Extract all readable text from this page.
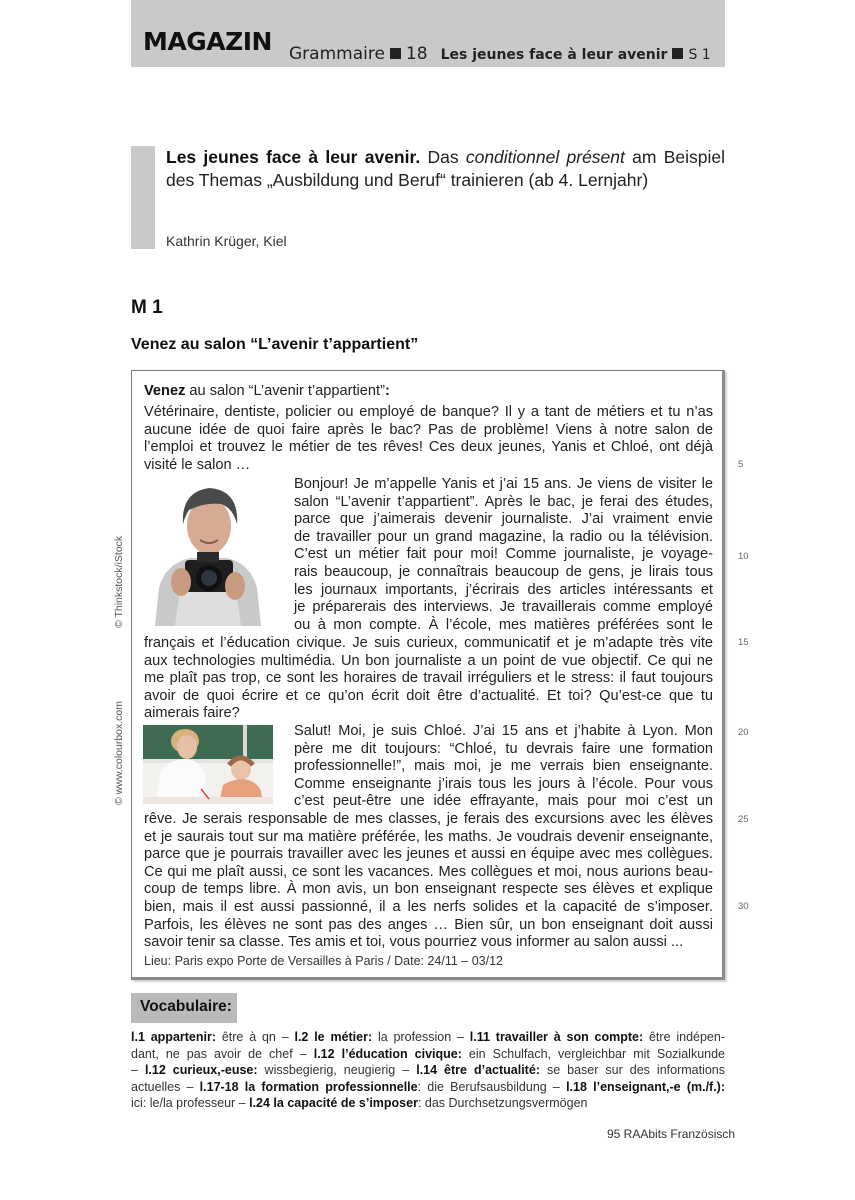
MAGAZIN Grammaire 18 Les jeunes face à leur avenir S 1
Les jeunes face à leur avenir. Das conditionnel présent am Beispiel des Themas „Ausbildung und Beruf“ trainieren (ab 4. Lernjahr)
Kathrin Krüger, Kiel
M 1
Venez au salon “L’avenir t’appartient”
Venez au salon “L’avenir t’appartient”:
Vétérinaire, dentiste, policier ou employé de banque? Il y a tant de métiers et tu n’as
aucune idée de quoi faire après le bac? Pas de problème! Viens à notre salon de
l’emploi et trouvez le métier de tes rêves! Ces deux jeunes, Yanis et Chloé, ont déjà
visité le salon …
Bonjour! Je m’appelle Yanis et j’ai 15 ans. Je viens de visiter le
salon “L’avenir t’appartient”. Après le bac, je ferai des études,
parce que j’aimerais devenir journaliste. J’ai vraiment envie
de travailler pour un grand magazine, la radio ou la télévision.
C’est un métier fait pour moi! Comme journaliste, je voyage-
rais beaucoup, je connaîtrais beaucoup de gens, je lirais tous
les journaux importants, j’écrirais des articles intéressants et
je préparerais des interviews. Je travaillerais comme employé
ou à mon compte. À l’école, mes matières préférées sont le
français et l’éducation civique. Je suis curieux, communicatif et je m’adapte très vite
aux technologies multimédia. Un bon journaliste a un point de vue objectif. Ce qui ne
me plaît pas trop, ce sont les horaires de travail irréguliers et le stress: il faut toujours
avoir de quoi écrire et ce qu’on écrit doit être d’actualité. Et toi? Qu’est-ce que tu
aimerais faire?
Salut! Moi, je suis Chloé. J’ai 15 ans et j’habite à Lyon. Mon
père me dit toujours: “Chloé, tu devrais faire une formation
professionnelle!”, mais moi, je me verrais bien enseignante.
Comme enseignante j’irais tous les jours à l’école. Pour vous
c’est peut-être une idée effrayante, mais pour moi c’est un
rêve. Je serais responsable de mes classes, je ferais des excursions avec les élèves
et je saurais tout sur ma matière préférée, les maths. Je voudrais devenir enseignante,
parce que je pourrais travailler avec les jeunes et aussi en équipe avec mes collègues.
Ce qui me plaît aussi, ce sont les vacances. Mes collègues et moi, nous aurions beau-
coup de temps libre. À mon avis, un bon enseignant respecte ses élèves et explique
bien, mais il est aussi passionné, il a les nerfs solides et la capacité de s’imposer.
Parfois, les élèves ne sont pas des anges … Bien sûr, un bon enseignant doit aussi
savoir tenir sa classe. Tes amis et toi, vous pourriez vous informer au salon aussi ...
Lieu: Paris expo Porte de Versailles à Paris / Date: 24/11 – 03/12
© Thinkstock/iStock
© www.colourbox.com
5
10
15
20
25
30
Vocabulaire:
l.1 appartenir: être à qn – l.2 le métier: la profession – l.11 travailler à son compte: être indépen-
dant, ne pas avoir de chef – l.12 l’éducation civique: ein Schulfach, vergleichbar mit Sozialkunde
– l.12 curieux,-euse: wissbegierig, neugierig – l.14 être d’actualité: se baser sur des informations
actuelles – l.17-18 la formation professionnelle: die Berufsausbildung – l.18 l’enseignant,-e (m./f.):
ici: le/la professeur – l.24 la capacité de s’imposer: das Durchsetzungsvermögen
95 RAAbits Französisch
